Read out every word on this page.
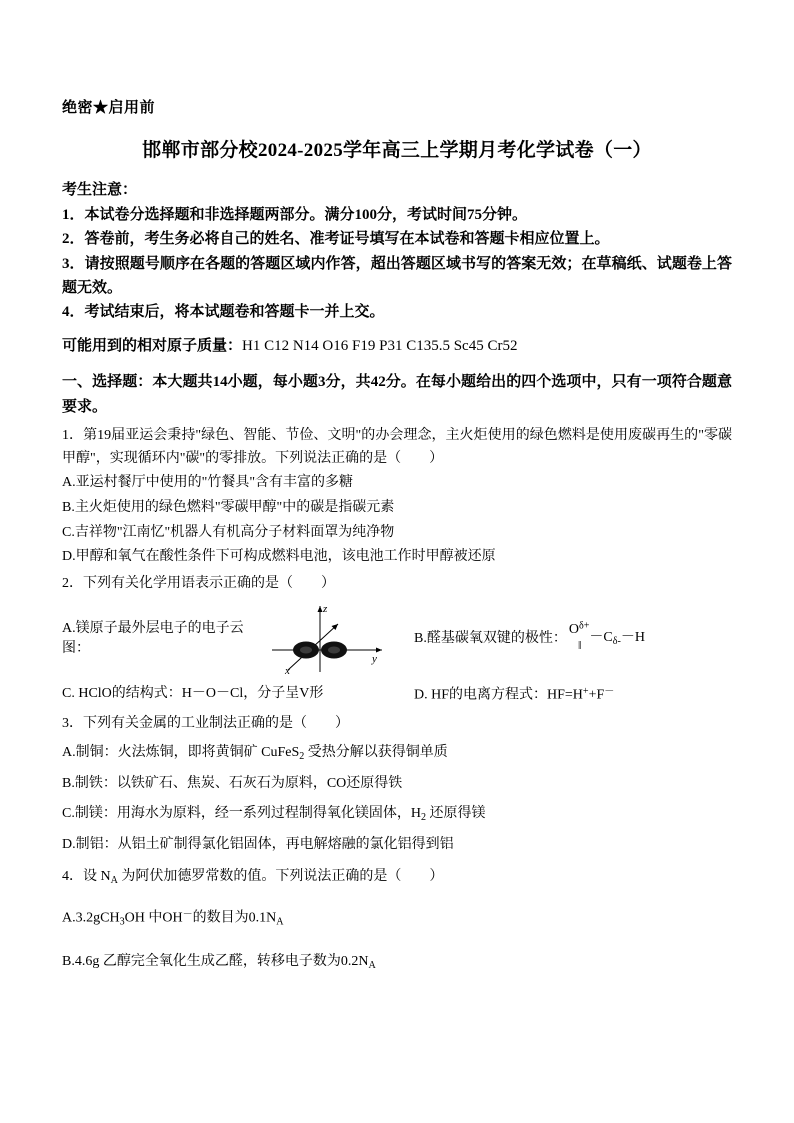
绝密★启用前
邯郸市部分校2024-2025学年高三上学期月考化学试卷（一）

考生注意：

1．本试卷分选择题和非选择题两部分。满分100分，考试时间75分钟。

2．答卷前，考生务必将自己的姓名、准考证号填写在本试卷和答题卡相应位置上。

3．请按照题号顺序在各题的答题区域内作答，超出答题区域书写的答案无效；在草稿纸、试题卷上答题无效。

4．考试结束后，将本试题卷和答题卡一并上交。

可能用到的相对原子质量：H1 C12 N14 O16 F19 P31 C135.5 Sc45 Cr52

一、选择题：本大题共14小题，每小题3分，共42分。在每小题给出的四个选项中，只有一项符合题意要求。

1．第19届亚运会秉持"绿色、智能、节俭、文明"的办会理念，主火炬使用的绿色燃料是使用废碳再生的"零碳甲醇"，实现循环内"碳"的零排放。下列说法正确的是（　　）

A.亚运村餐厅中使用的"竹餐具"含有丰富的多糖

B.主火炬使用的绿色燃料"零碳甲醇"中的碳是指碳元素

C.吉祥物"江南忆"机器人有机高分子材料面罩为纯净物

D.甲醇和氧气在酸性条件下可构成燃料电池，该电池工作时甲醇被还原

2．下列有关化学用语表示正确的是（　　）

A.镁原子最外层电子的电子云图：
z
y
x
B.醛基碳氧双键的极性：
$O^{\delta+}$
‖ $-C_{\delta-}-H$
C. HClO的结构式：H－O－Cl，分子呈V形	D. HF的电离方程式：HF=H++F－

3．下列有关金属的工业制法正确的是（　　）

A.制铜：火法炼铜，即将黄铜矿 CuFeS$_2$ 受热分解以获得铜单质

B.制铁：以铁矿石、焦炭、石灰石为原料，CO还原得铁

C.制镁：用海水为原料，经一系列过程制得氧化镁固体，$H_2$ 还原得镁

D.制铝：从铝土矿制得氯化铝固体，再电解熔融的氯化铝得到铝

4．设 $N_A$ 为阿伏加德罗常数的值。下列说法正确的是（　　）

A.3.2gCH$_3$OH 中OH－的数目为$0.1N_A$

B.4.6g 乙醇完全氧化生成乙醛，转移电子数为$0.2N_A$
